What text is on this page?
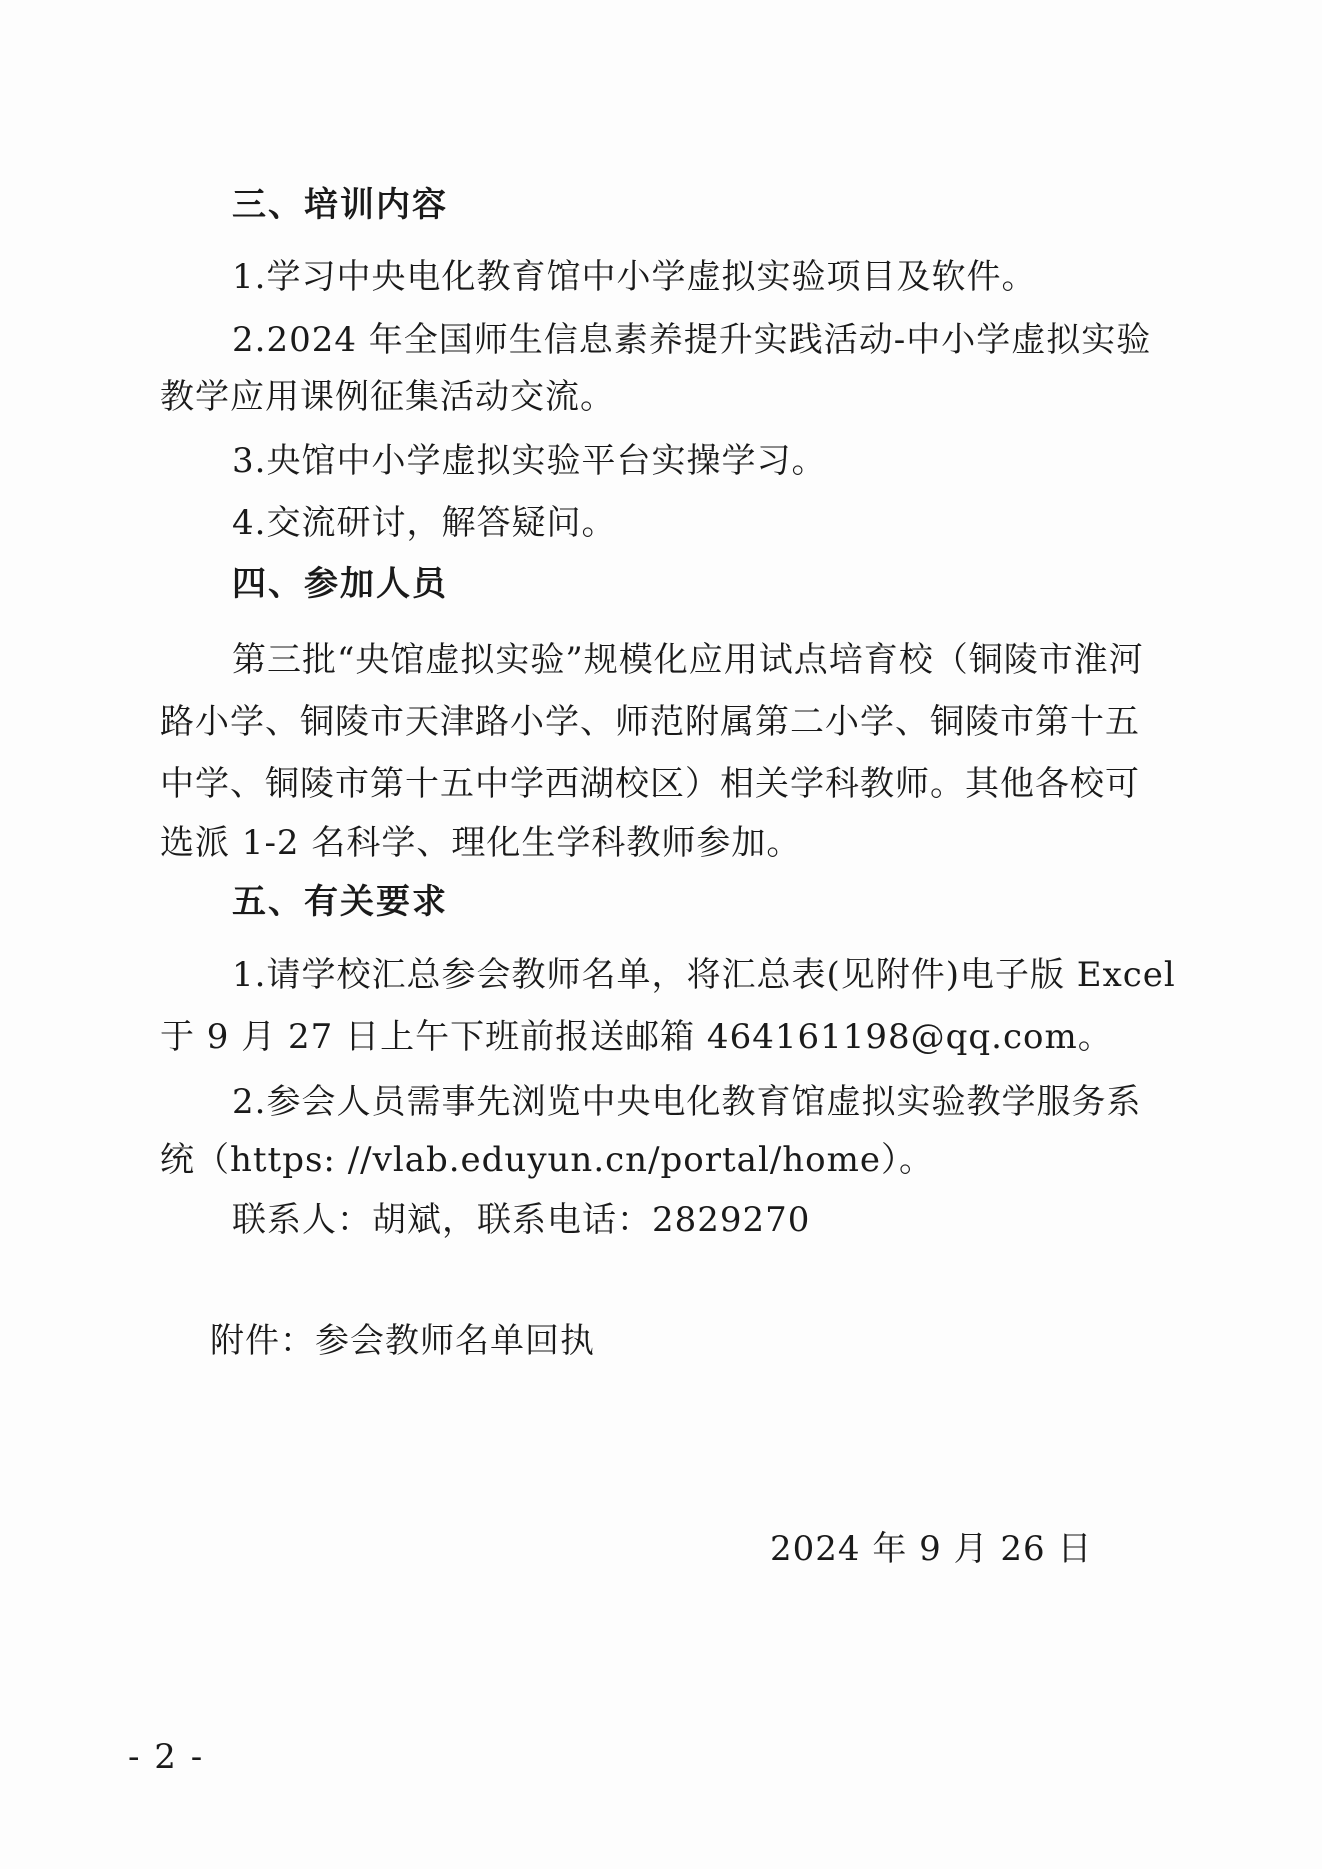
三、培训内容
1.学习中央电化教育馆中小学虚拟实验项目及软件。
2.2024 年全国师生信息素养提升实践活动-中小学虚拟实验
教学应用课例征集活动交流。
3.央馆中小学虚拟实验平台实操学习。
4.交流研讨，解答疑问。
四、参加人员
第三批“央馆虚拟实验”规模化应用试点培育校（铜陵市淮河
路小学、铜陵市天津路小学、师范附属第二小学、铜陵市第十五
中学、铜陵市第十五中学西湖校区）相关学科教师。其他各校可
选派 1-2 名科学、理化生学科教师参加。
五、有关要求
1.请学校汇总参会教师名单，将汇总表(见附件)电子版 Excel
于 9 月 27 日上午下班前报送邮箱 464161198@qq.com。
2.参会人员需事先浏览中央电化教育馆虚拟实验教学服务系
统（https: //vlab.eduyun.cn/portal/home）。
联系人：胡斌，联系电话：2829270
附件：参会教师名单回执
2024 年 9 月 26 日
- 2 -
